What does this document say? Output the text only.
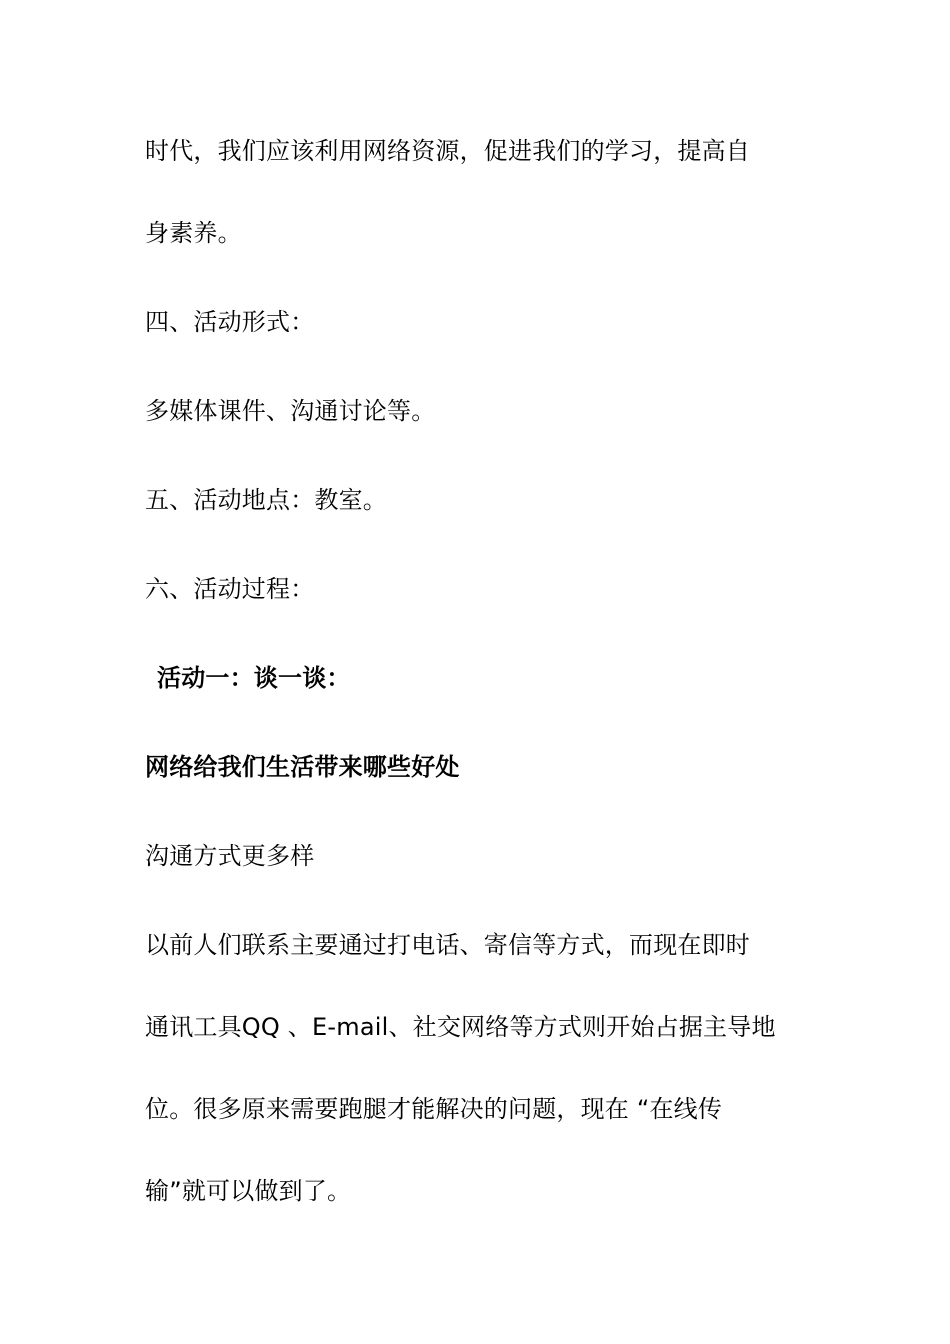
时代，我们应该利用网络资源，促进我们的学习，提高自
身素养。
四、活动形式：
多媒体课件、沟通讨论等。
五、活动地点：教室。
六、活动过程：
活动一：谈一谈：
网络给我们生活带来哪些好处
沟通方式更多样
以前人们联系主要通过打电话、寄信等方式，而现在即时
通讯工具QQ 、E-mail、社交网络等方式则开始占据主导地
位。很多原来需要跑腿才能解决的问题，现在 “在线传
输”就可以做到了。
